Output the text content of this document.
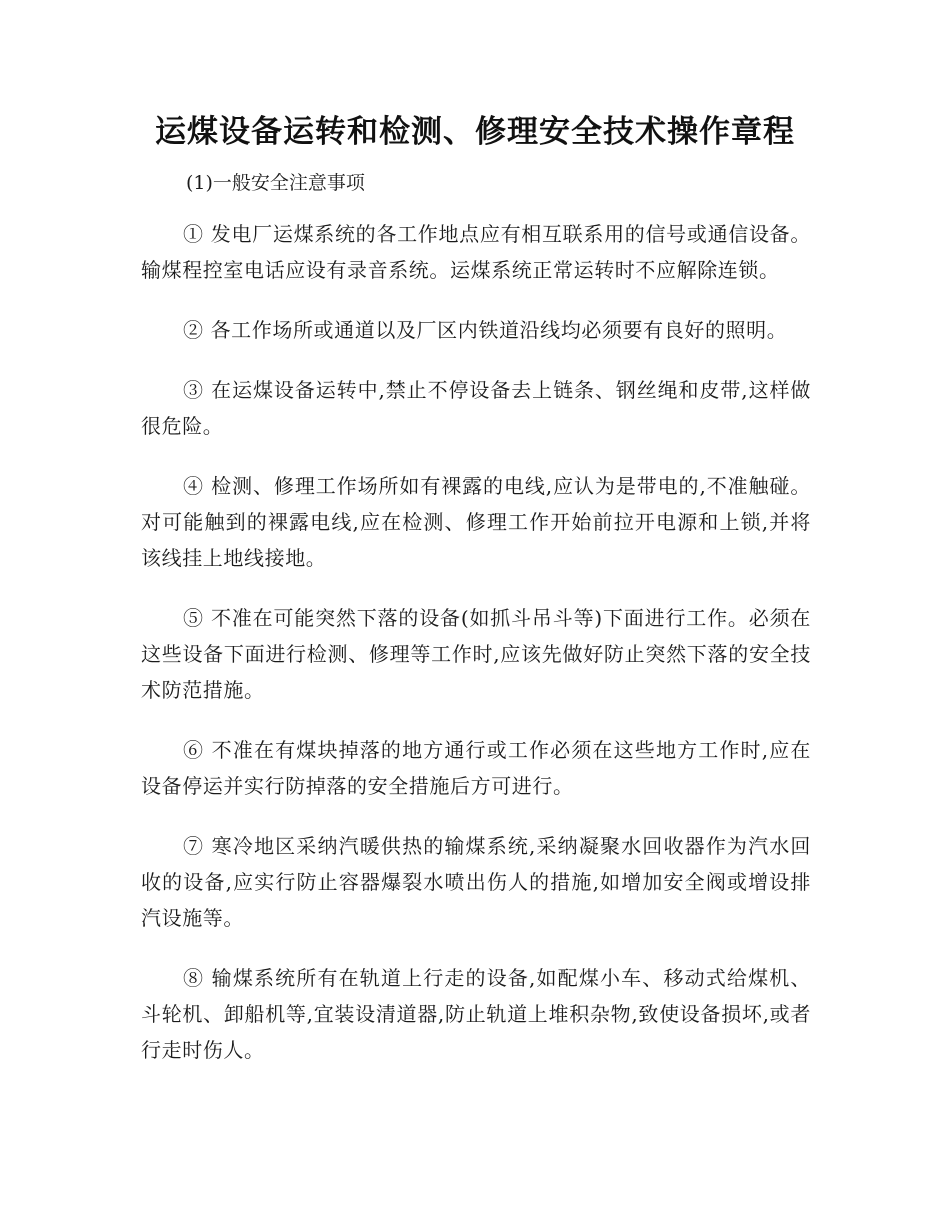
运煤设备运转和检测、修理安全技术操作章程

(1)一般安全注意事项

① 发电厂运煤系统的各工作地点应有相互联系用的信号或通信设备。输煤程控室电话应设有录音系统。运煤系统正常运转时不应解除连锁。

② 各工作场所或通道以及厂区内铁道沿线均必须要有良好的照明。

③ 在运煤设备运转中,禁止不停设备去上链条、钢丝绳和皮带,这样做很危险。

④ 检测、修理工作场所如有裸露的电线,应认为是带电的,不准触碰。对可能触到的裸露电线,应在检测、修理工作开始前拉开电源和上锁,并将该线挂上地线接地。

⑤ 不准在可能突然下落的设备(如抓斗吊斗等)下面进行工作。必须在这些设备下面进行检测、修理等工作时,应该先做好防止突然下落的安全技术防范措施。

⑥ 不准在有煤块掉落的地方通行或工作必须在这些地方工作时,应在设备停运并实行防掉落的安全措施后方可进行。

⑦ 寒冷地区采纳汽暖供热的输煤系统,采纳凝聚水回收器作为汽水回收的设备,应实行防止容器爆裂水喷出伤人的措施,如增加安全阀或增设排汽设施等。

⑧ 输煤系统所有在轨道上行走的设备,如配煤小车、移动式给煤机、斗轮机、卸船机等,宜装设清道器,防止轨道上堆积杂物,致使设备损坏,或者行走时伤人。
